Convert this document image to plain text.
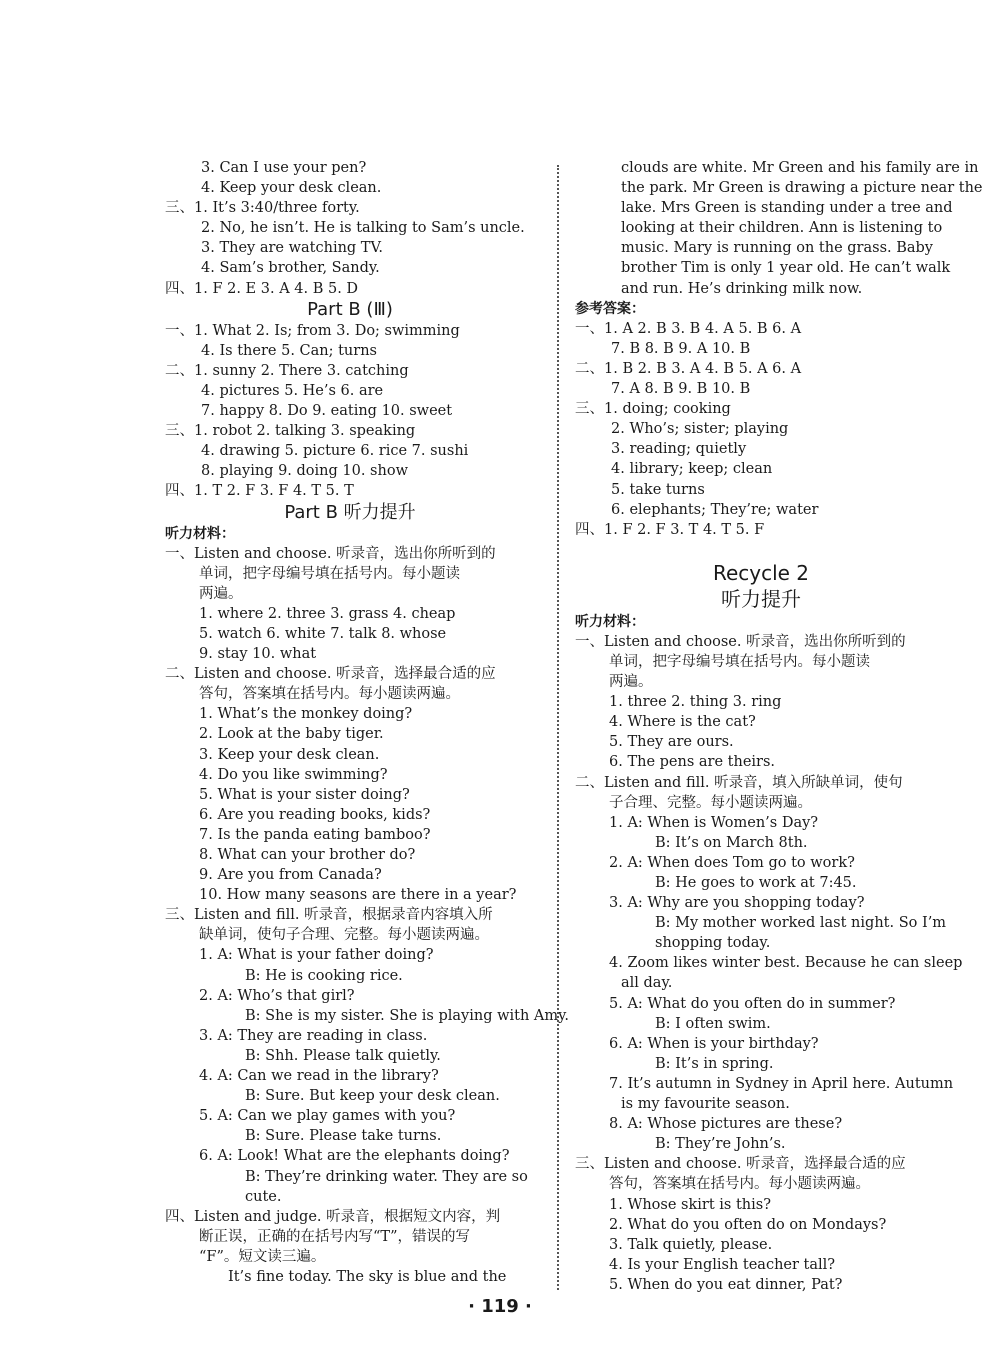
3. Can I use your pen?
4. Keep your desk clean.
三、1. It’s 3:40/three forty.
2. No, he isn’t. He is talking to Sam’s uncle.
3. They are watching TV.
4. Sam’s brother, Sandy.
四、1. F 2. E 3. A 4. B 5. D
Part B (Ⅲ)
一、1. What 2. Is; from 3. Do; swimming
4. Is there 5. Can; turns
二、1. sunny 2. There 3. catching
4. pictures 5. He’s 6. are
7. happy 8. Do 9. eating 10. sweet
三、1. robot 2. talking 3. speaking
4. drawing 5. picture 6. rice 7. sushi
8. playing 9. doing 10. show
四、1. T 2. F 3. F 4. T 5. T
Part B 听力提升
听力材料：
一、Listen and choose. 听录音，选出你所听到的
单词，把字母编号填在括号内。每小题读
两遍。
1. where 2. three 3. grass 4. cheap
5. watch 6. white 7. talk 8. whose
9. stay 10. what
二、Listen and choose. 听录音，选择最合适的应
答句，答案填在括号内。每小题读两遍。
1. What’s the monkey doing?
2. Look at the baby tiger.
3. Keep your desk clean.
4. Do you like swimming?
5. What is your sister doing?
6. Are you reading books, kids?
7. Is the panda eating bamboo?
8. What can your brother do?
9. Are you from Canada?
10. How many seasons are there in a year?
三、Listen and fill. 听录音，根据录音内容填入所
缺单词，使句子合理、完整。每小题读两遍。
1. A: What is your father doing?
B: He is cooking rice.
2. A: Who’s that girl?
B: She is my sister. She is playing with Amy.
3. A: They are reading in class.
B: Shh. Please talk quietly.
4. A: Can we read in the library?
B: Sure. But keep your desk clean.
5. A: Can we play games with you?
B: Sure. Please take turns.
6. A: Look! What are the elephants doing?
B: They’re drinking water. They are so
cute.
四、Listen and judge. 听录音，根据短文内容，判
断正误，正确的在括号内写“T”，错误的写
“F”。短文读三遍。
It’s fine today. The sky is blue and the
clouds are white. Mr Green and his family are in
the park. Mr Green is drawing a picture near the
lake. Mrs Green is standing under a tree and
looking at their children. Ann is listening to
music. Mary is running on the grass. Baby
brother Tim is only 1 year old. He can’t walk
and run. He’s drinking milk now.
参考答案：
一、1. A 2. B 3. B 4. A 5. B 6. A
7. B 8. B 9. A 10. B
二、1. B 2. B 3. A 4. B 5. A 6. A
7. A 8. B 9. B 10. B
三、1. doing; cooking
2. Who’s; sister; playing
3. reading; quietly
4. library; keep; clean
5. take turns
6. elephants; They’re; water
四、1. F 2. F 3. T 4. T 5. F
Recycle 2
听力提升
听力材料：
一、Listen and choose. 听录音，选出你所听到的
单词，把字母编号填在括号内。每小题读
两遍。
1. three 2. thing 3. ring
4. Where is the cat?
5. They are ours.
6. The pens are theirs.
二、Listen and fill. 听录音，填入所缺单词，使句
子合理、完整。每小题读两遍。
1. A: When is Women’s Day?
B: It’s on March 8th.
2. A: When does Tom go to work?
B: He goes to work at 7:45.
3. A: Why are you shopping today?
B: My mother worked last night. So I’m
shopping today.
4. Zoom likes winter best. Because he can sleep
all day.
5. A: What do you often do in summer?
B: I often swim.
6. A: When is your birthday?
B: It’s in spring.
7. It’s autumn in Sydney in April here. Autumn
is my favourite season.
8. A: Whose pictures are these?
B: They’re John’s.
三、Listen and choose. 听录音，选择最合适的应
答句，答案填在括号内。每小题读两遍。
1. Whose skirt is this?
2. What do you often do on Mondays?
3. Talk quietly, please.
4. Is your English teacher tall?
5. When do you eat dinner, Pat?
· 119 ·
